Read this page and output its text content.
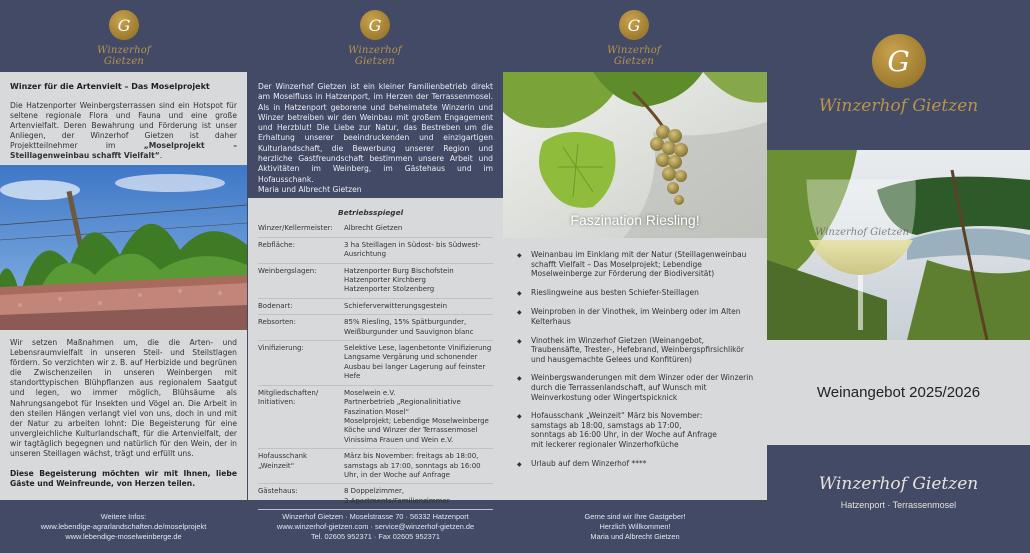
G
Winzerhof Gietzen
G
Winzerhof Gietzen
G
Winzerhof Gietzen
Winzer für die Artenvielt – Das Moselprojekt

Die Hatzenporter Weinbergsterrassen sind ein Hotspot für seltene regionale Flora und Fauna und eine große Artenvielfalt. Deren Bewahrung und Förderung ist unser Anliegen, der Winzerhof Gietzen ist daher Projektteilnehmer im „Moselprojekt – Steillagenweinbau schafft Vielfalt“.

Wir setzen Maßnahmen um, die die Arten- und Lebensraumvielfalt in unseren Steil- und Steilstlagen fördern. So verzichten wir z. B. auf Herbizide und begrünen die Zwischenzeilen in unseren Weinbergen mit standorttypischen Blühpflanzen aus regionalem Saatgut und legen, wo immer möglich, Blühsäume als Nahrungsangebot für Insekten und Vögel an. Die Arbeit in den steilen Hängen verlangt viel von uns, doch in und mit der Natur zu arbeiten lohnt: Die Begeisterung für eine unvergleichliche Kulturlandschaft, für die Artenvielfalt, der wir tagtäglich begegnen und natürlich für den Wein, der in unseren Steillagen wächst, trägt und erfüllt uns.

Diese Begeisterung möchten wir mit Ihnen, liebe Gäste und Weinfreunde, von Herzen teilen.

Der Winzerhof Gietzen ist ein kleiner Familienbetrieb direkt am Moselfluss in Hatzenport, im Herzen der Terrassenmosel. Als in Hatzenport geborene und beheimatete Winzerin und Winzer betreiben wir den Weinbau mit großem Engagement und Herzblut! Die Liebe zur Natur, das Bestreben um die Erhaltung unserer beeindruckenden und einzigartigen Kulturlandschaft, die Bewerbung unserer Region und herzliche Gastfreundschaft bestimmen unsere Arbeit und Aktivitäten im Weinberg, im Gästehaus und im Hofausschank.
Maria und Albrecht Gietzen
Betriebsspiegel
Winzer/Kellermeister:	Albrecht Gietzen
Rebfläche:	3 ha Steillagen in Südost- bis Südwest-Ausrichtung
Weinbergslagen:	Hatzenporter Burg Bischofstein
Hatzenporter Kirchberg
Hatzenporter Stolzenberg
Bodenart:	Schieferverwitterungsgestein
Rebsorten:	85% Riesling, 15% Spätburgunder, Weißburgunder und Sauvignon blanc
Vinifizierung:	Selektive Lese, lagenbetonte Vinifizierung
Langsame Vergärung und schonender Ausbau bei langer Lagerung auf feinster Hefe
Mitgliedschaften/
Initiativen:
Moselwein e.V.
Partnerbetrieb „Regionalinitiative Faszination Mosel“
Moselprojekt; Lebendige Moselweinberge
Köche und Winzer der Terrassenmosel
Vinissima Frauen und Wein e.V.
Hofausschank „Weinzeit“
März bis November: freitags ab 18:00, samstags ab 17:00, sonntags ab 16:00 Uhr, in der Woche auf Anfrage
Gästehaus:	8 Doppelzimmer,
2 Apartments/Familienzimmer
Faszination Riesling!
◆	Weinanbau im Einklang mit der Natur (Steillagenweinbau schafft Vielfalt – Das Moselprojekt; Lebendige Moselweinberge zur Förderung der Biodiversität)
◆	Rieslingweine aus besten Schiefer-Steillagen
◆	Weinproben in der Vinothek, im Weinberg oder im Alten Kelterhaus
◆	Vinothek im Winzerhof Gietzen (Weinangebot, Traubensäfte, Trester-, Hefebrand, Weinbergspfirsichlikör und hausgemachte Gelees und Konfitüren)
◆	Weinbergswanderungen mit dem Winzer oder der Winzerin durch die Terrassenlandschaft, auf Wunsch mit Weinverkostung oder Wingertspicknick
◆	Hofausschank „Weinzeit“ März bis November:
samstags ab 18:00, samstags ab 17:00,
sonntags ab 16:00 Uhr, in der Woche auf Anfrage
mit leckerer regionaler Winzerhofküche
◆	Urlaub auf dem Winzerhof ****
G
Winzerhof Gietzen
Winzerhof Gietzen
Weinangebot 2025/2026
Winzerhof Gietzen
Hatzenport · Terrassenmosel
Weitere Infos:
www.lebendige-agrarlandschaften.de/moselprojekt
www.lebendige-moselweinberge.de
Winzerhof Gietzen · Moselstrasse 70 · 56332 Hatzenport
www.winzerhof-gietzen.com · service@winzerhof-gietzen.de
Tel. 02605 952371 · Fax 02605 952371
Gerne sind wir Ihre Gastgeber!
Herzlich Willkommen!
Maria und Albrecht Gietzen
